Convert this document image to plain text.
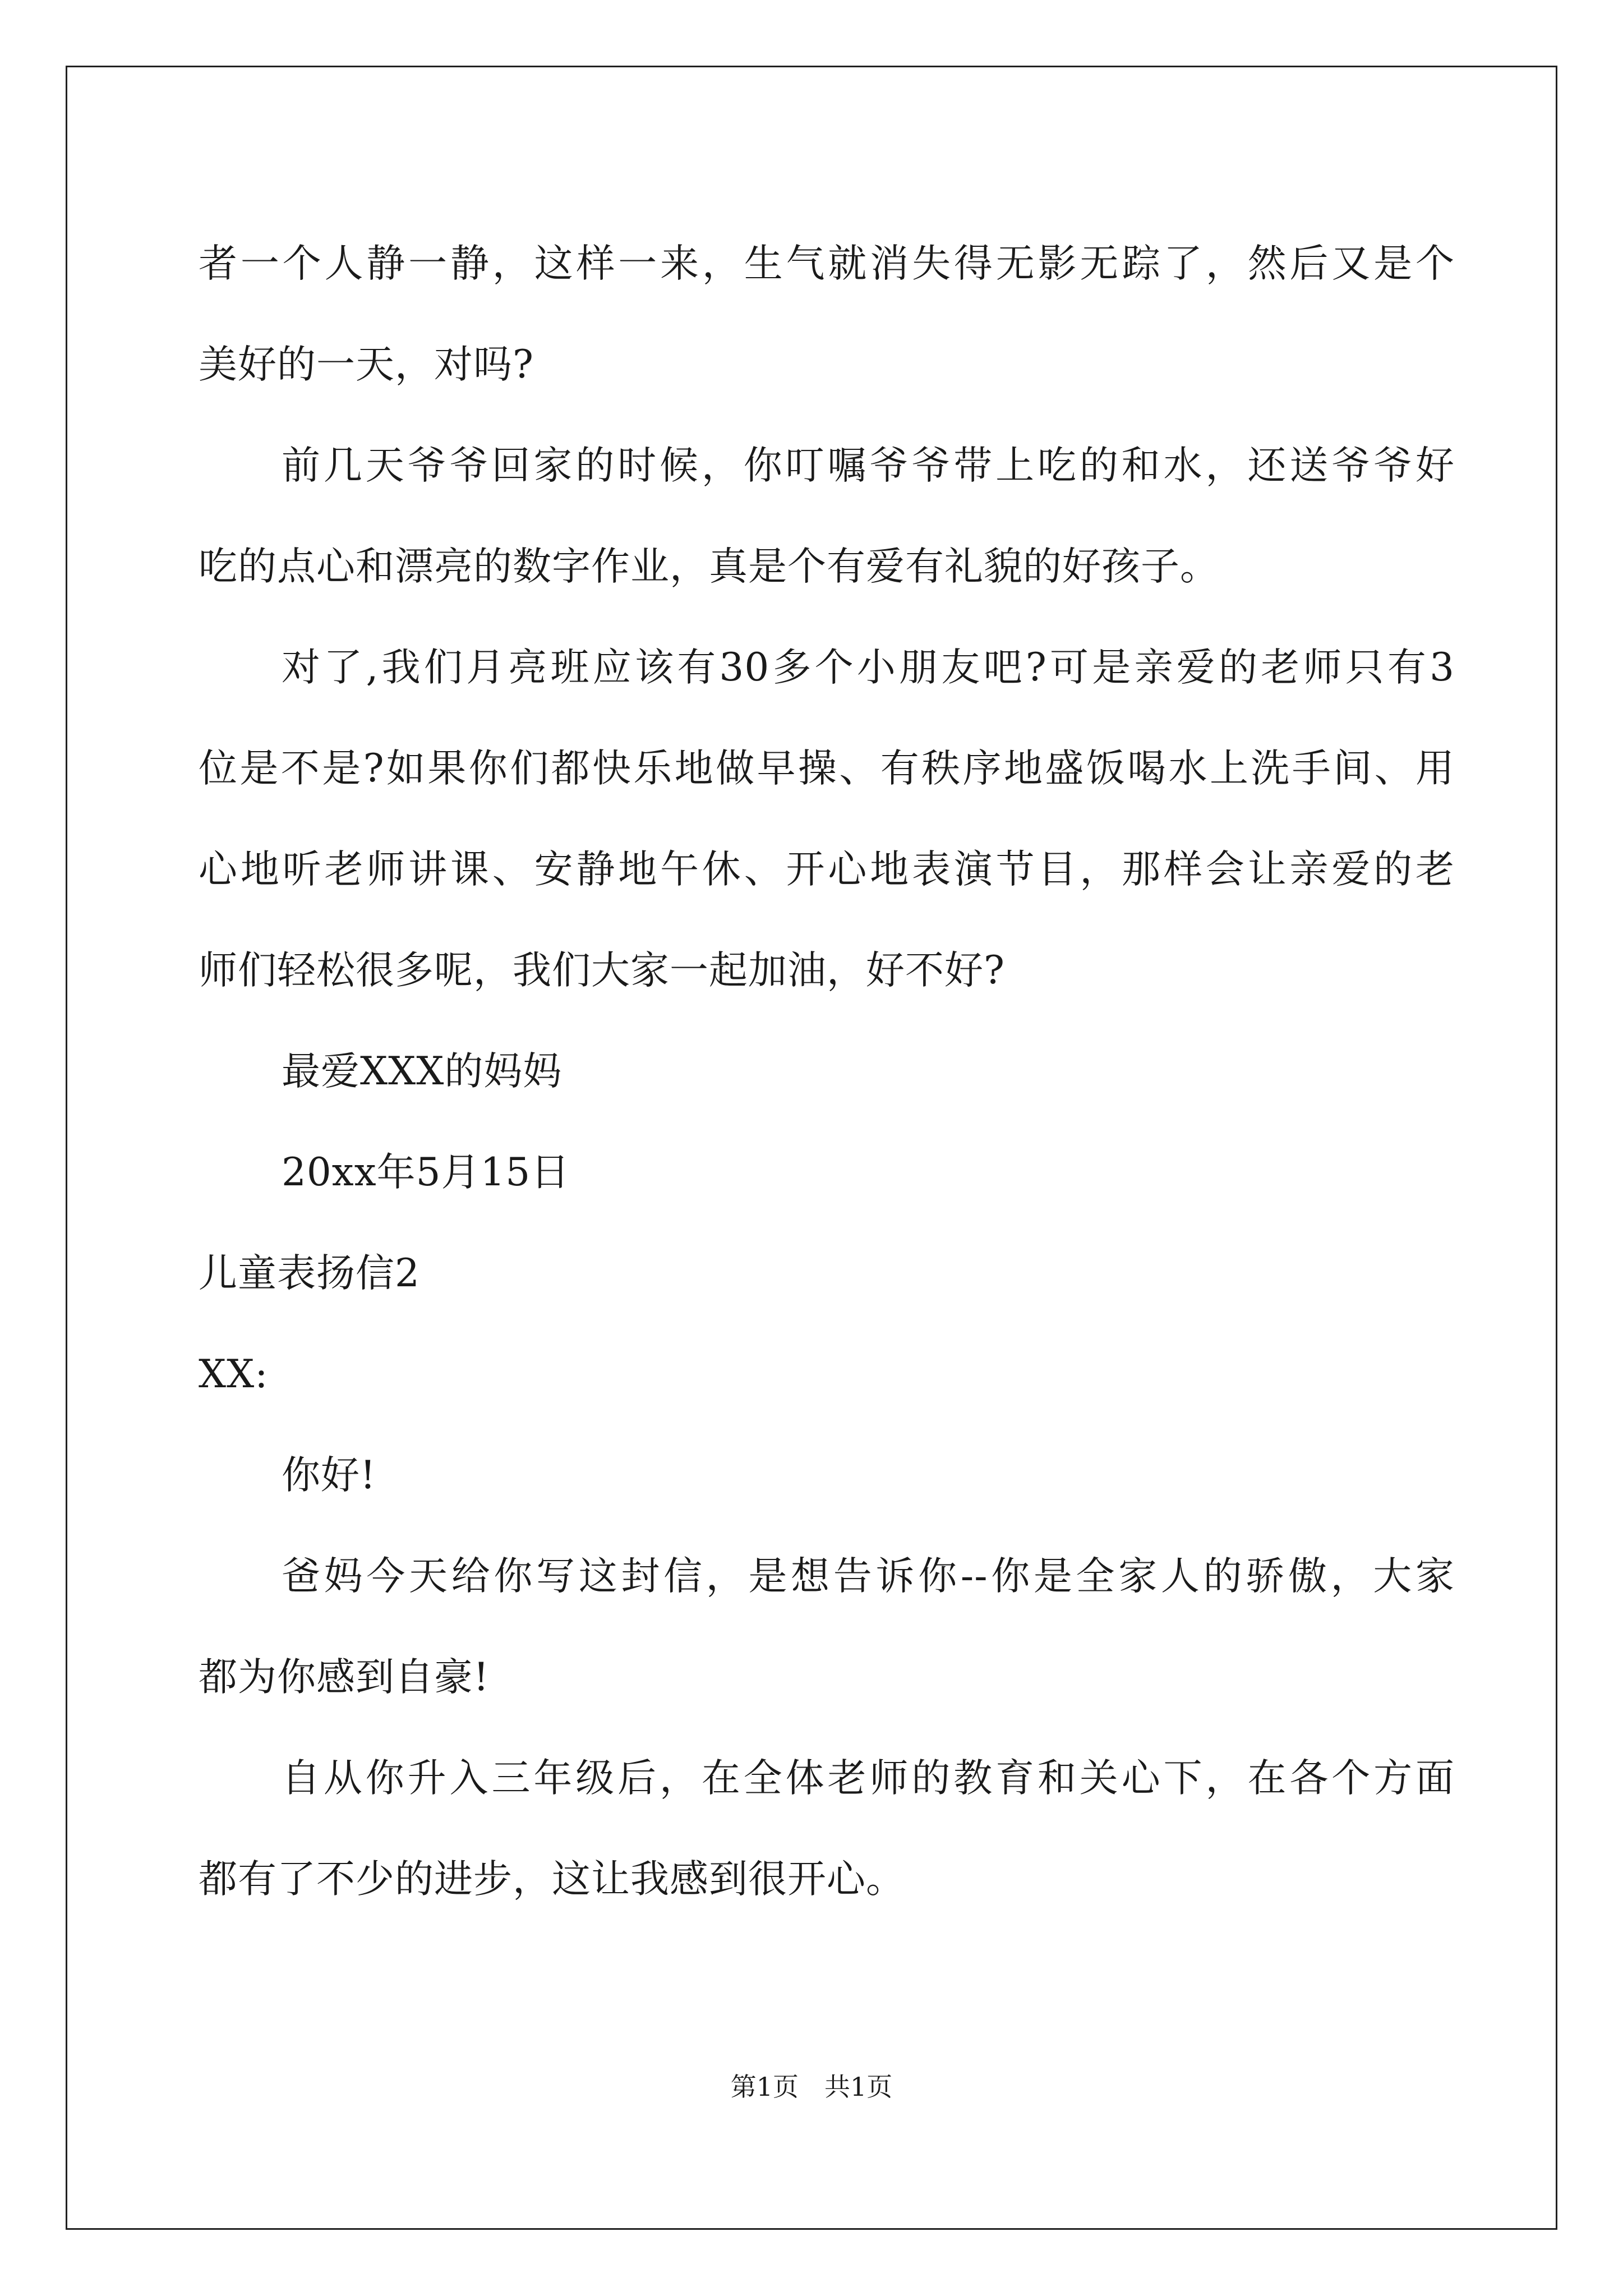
者一个人静一静，这样一来，生气就消失得无影无踪了，然后又是个
美好的一天，对吗?
前几天爷爷回家的时候，你叮嘱爷爷带上吃的和水，还送爷爷好
吃的点心和漂亮的数字作业，真是个有爱有礼貌的好孩子。
对了,我们月亮班应该有30多个小朋友吧?可是亲爱的老师只有3
位是不是?如果你们都快乐地做早操、有秩序地盛饭喝水上洗手间、用
心地听老师讲课、安静地午休、开心地表演节目，那样会让亲爱的老
师们轻松很多呢，我们大家一起加油，好不好?
最爱XXX的妈妈
20xx年5月15日
儿童表扬信2
XX:
你好!
爸妈今天给你写这封信，是想告诉你--你是全家人的骄傲，大家
都为你感到自豪!
自从你升入三年级后，在全体老师的教育和关心下，在各个方面
都有了不少的进步，这让我感到很开心。
第1页　共1页
